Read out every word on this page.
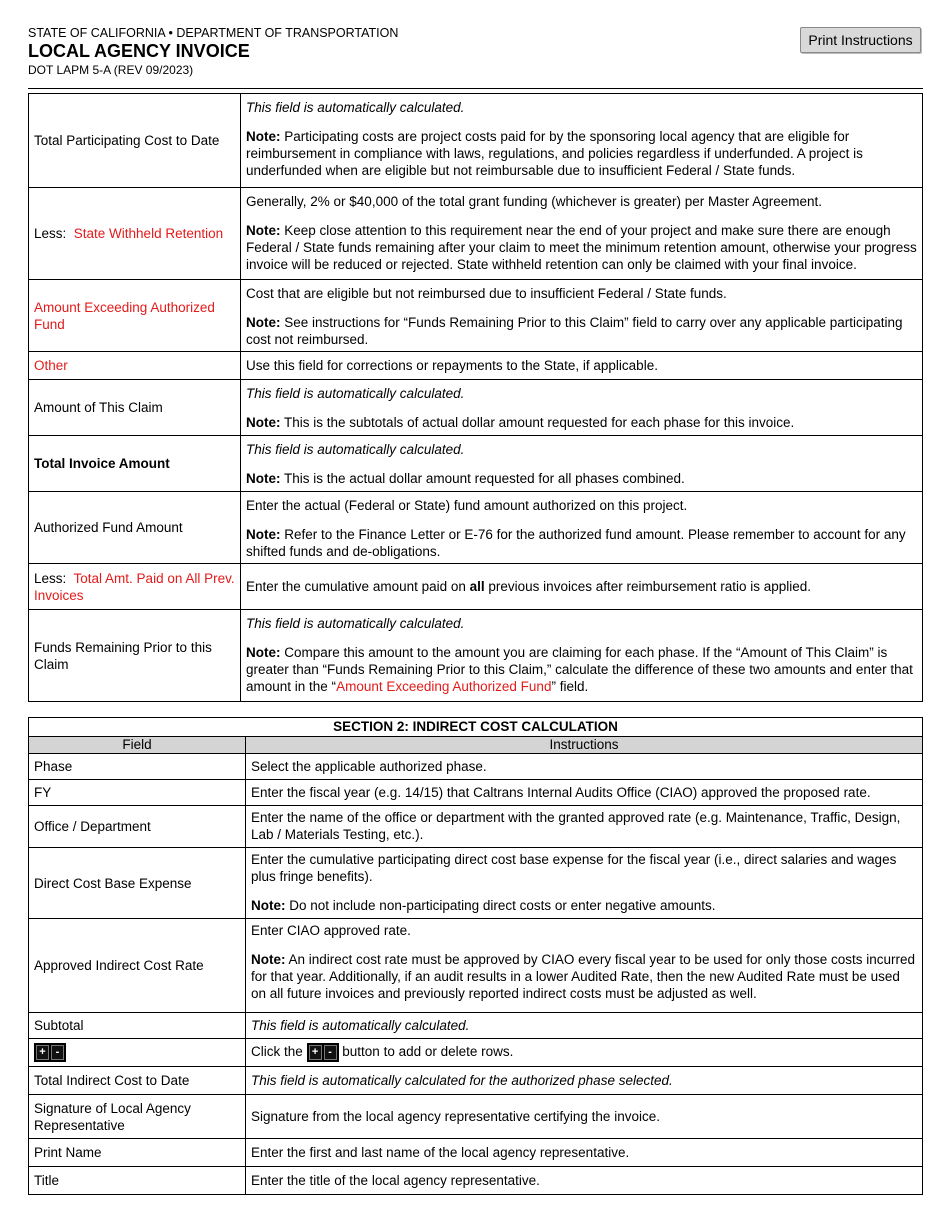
STATE OF CALIFORNIA • DEPARTMENT OF TRANSPORTATION
LOCAL AGENCY INVOICE
DOT LAPM 5-A (REV 09/2023)
Print Instructions
Total Participating Cost to Date	This field is automatically calculated.
Note: Participating costs are project costs paid for by the sponsoring local agency that are eligible for reimbursement in compliance with laws, regulations, and policies regardless if underfunded. A project is underfunded when are eligible but not reimbursable due to insufficient Federal / State funds.

Less:  State Withheld Retention	Generally, 2% or $40,000 of the total grant funding (whichever is greater) per Master Agreement.
Note: Keep close attention to this requirement near the end of your project and make sure there are enough Federal / State funds remaining after your claim to meet the minimum retention amount, otherwise your progress invoice will be reduced or rejected. State withheld retention can only be claimed with your final invoice.

Amount Exceeding Authorized Fund	Cost that are eligible but not reimbursed due to insufficient Federal / State funds.
Note: See instructions for “Funds Remaining Prior to this Claim” field to carry over any applicable participating cost not reimbursed.

Other	Use this field for corrections or repayments to the State, if applicable.
Amount of This Claim	This field is automatically calculated.
Note: This is the subtotals of actual dollar amount requested for each phase for this invoice.

Total Invoice Amount	This field is automatically calculated.
Note: This is the actual dollar amount requested for all phases combined.

Authorized Fund Amount	Enter the actual (Federal or State) fund amount authorized on this project.
Note: Refer to the Finance Letter or E-76 for the authorized fund amount. Please remember to account for any shifted funds and de-obligations.

Less:  Total Amt. Paid on All Prev. Invoices	Enter the cumulative amount paid on all previous invoices after reimbursement ratio is applied.
Funds Remaining Prior to this Claim	This field is automatically calculated.
Note: Compare this amount to the amount you are claiming for each phase. If the “Amount of This Claim” is greater than “Funds Remaining Prior to this Claim,” calculate the difference of these two amounts and enter that amount in the “Amount Exceeding Authorized Fund” field.
SECTION 2: INDIRECT COST CALCULATION	
Field	Instructions
Phase	Select the applicable authorized phase.
FY	Enter the fiscal year (e.g. 14/15) that Caltrans Internal Audits Office (CIAO) approved the proposed rate.
Office / Department	Enter the name of the office or department with the granted approved rate (e.g. Maintenance, Traffic, Design, Lab / Materials Testing, etc.).
Direct Cost Base Expense	Enter the cumulative participating direct cost base expense for the fiscal year (i.e., direct salaries and wages plus fringe benefits).
Note: Do not include non-participating direct costs or enter negative amounts.

Approved Indirect Cost Rate	Enter CIAO approved rate.
Note: An indirect cost rate must be approved by CIAO every fiscal year to be used for only those costs incurred for that year. Additionally, if an audit results in a lower Audited Rate, then the new Audited Rate must be used on all future invoices and previously reported indirect costs must be adjusted as well.

Subtotal	This field is automatically calculated.

+ -	Click the + - button to add or delete rows.
Total Indirect Cost to Date	This field is automatically calculated for the authorized phase selected.
Signature of Local Agency Representative	Signature from the local agency representative certifying the invoice.
Print Name	Enter the first and last name of the local agency representative.
Title	Enter the title of the local agency representative.
